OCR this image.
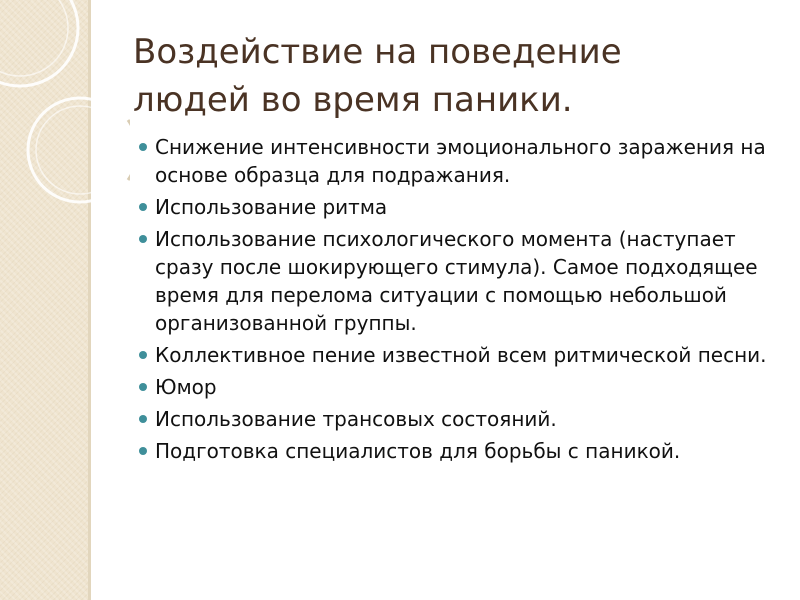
Воздействие на поведение
людей во время паники.
Снижение интенсивности эмоционального заражения на основе образца для подражания.
Использование ритма
Использование психологического момента (наступает сразу после шокирующего стимула). Самое подходящее время для перелома ситуации с помощью небольшой организованной группы.
Коллективное пение известной всем ритмической песни.
Юмор
Использование трансовых состояний.
Подготовка специалистов для борьбы с паникой.
